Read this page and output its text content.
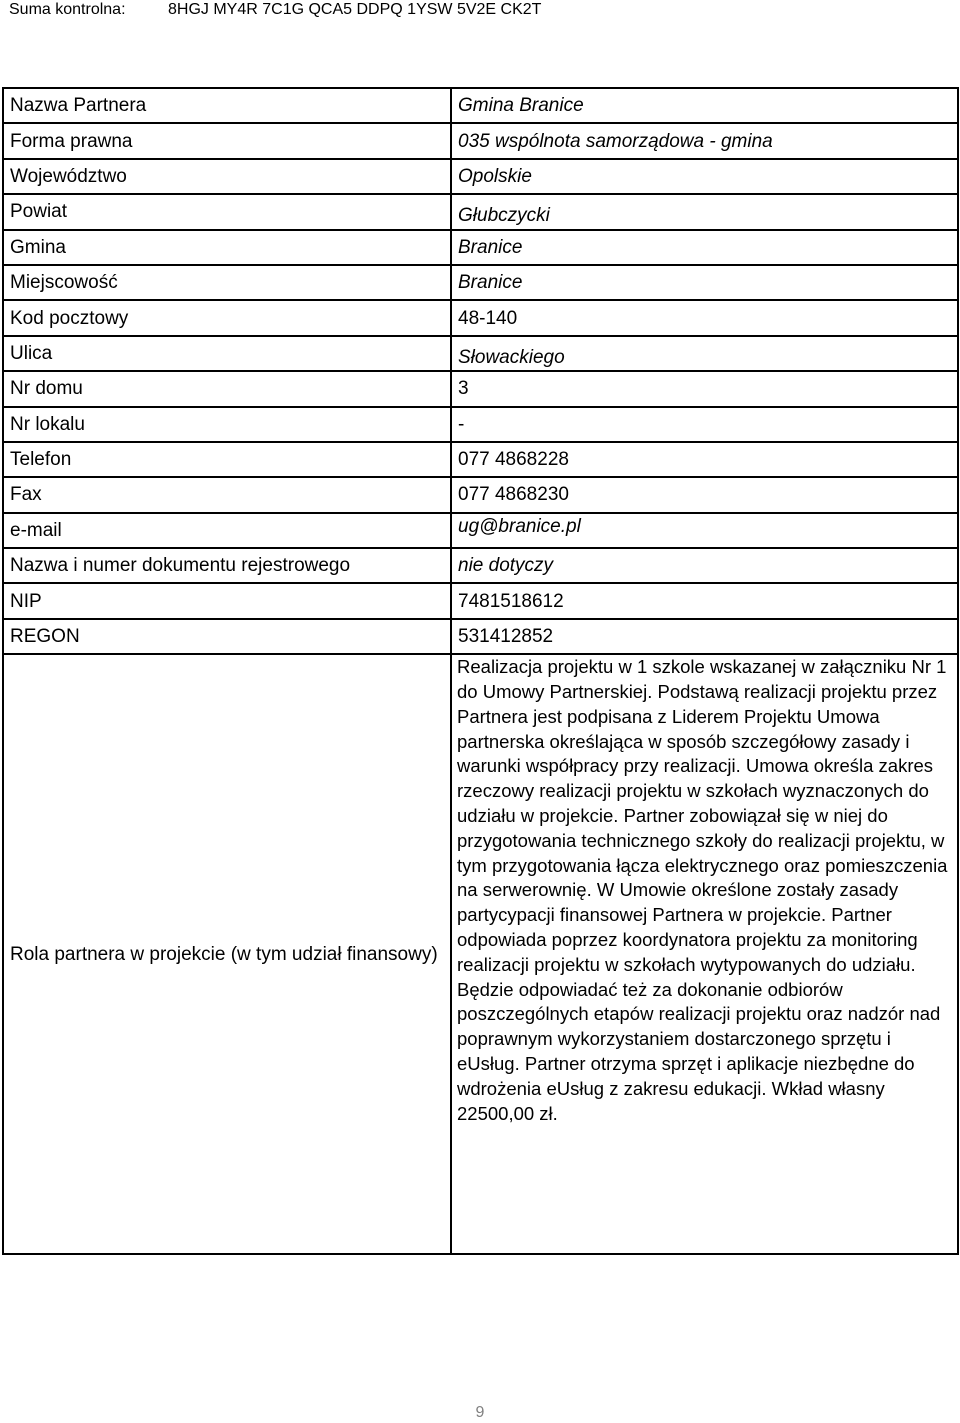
Suma kontrolna:	8HGJ MY4R 7C1G QCA5 DDPQ 1YSW 5V2E CK2T
Nazwa Partnera	Gmina Branice
Forma prawna	035 wspólnota samorządowa - gmina
Województwo	Opolskie
Powiat	Głubczycki
Gmina	Branice
Miejscowość	Branice
Kod pocztowy	48-140
Ulica	Słowackiego
Nr domu	3
Nr lokalu	-
Telefon	077 4868228
Fax	077 4868230
e-mail	ug@branice.pl
Nazwa i numer dokumentu rejestrowego	nie dotyczy
NIP	7481518612
REGON	531412852
Rola partnera w projekcie (w tym udział finansowy)	Realizacja projektu w 1 szkole wskazanej w załączniku Nr 1 do Umowy Partnerskiej. Podstawą realizacji projektu przez Partnera jest podpisana z Liderem Projektu Umowa partnerska określająca w sposób szczegółowy zasady i warunki współpracy przy realizacji. Umowa określa zakres rzeczowy realizacji projektu w szkołach wyznaczonych do udziału w projekcie. Partner zobowiązał się w niej do przygotowania technicznego szkoły do realizacji projektu, w tym przygotowania łącza elektrycznego oraz pomieszczenia na serwerownię. W Umowie określone zostały zasady partycypacji finansowej Partnera w projekcie. Partner odpowiada poprzez koordynatora projektu za monitoring realizacji projektu w szkołach wytypowanych do udziału. Będzie odpowiadać też za dokonanie odbiorów poszczególnych etapów realizacji projektu oraz nadzór nad poprawnym wykorzystaniem dostarczonego sprzętu i eUsług. Partner otrzyma sprzęt i aplikacje niezbędne do wdrożenia eUsług z zakresu edukacji. Wkład własny 22500,00 zł.
9
